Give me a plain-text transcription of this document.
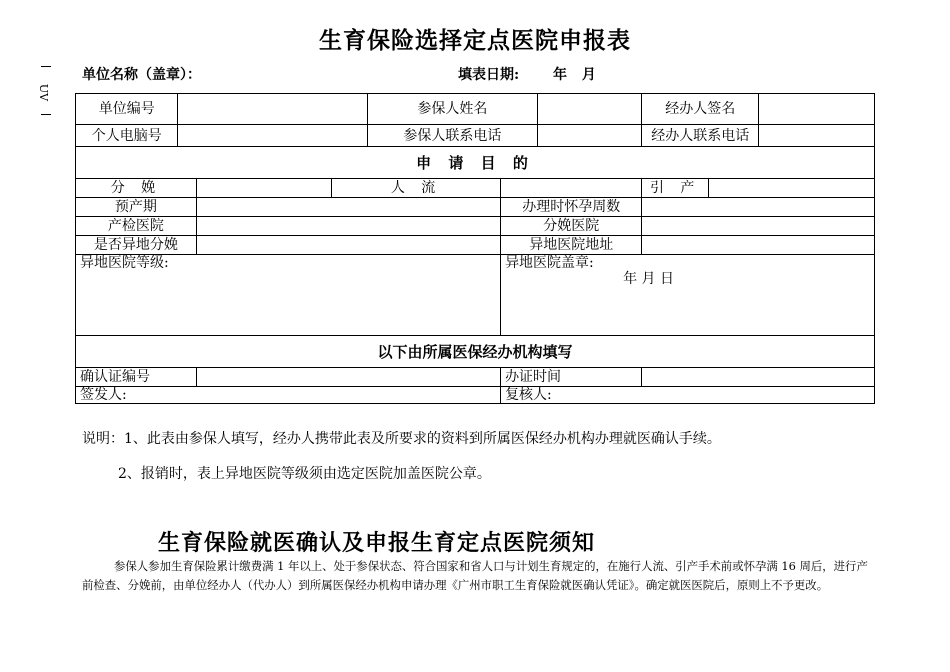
生育保险选择定点医院申报表
UV
单位名称（盖章）：	填表日期: 年 月
单位编号				参保人姓名			经办人签名		
个人电脑号				参保人联系电话			经办人联系电话		
申 请 目 的									
分 娩			人 流				引 产		
预产期					办理时怀孕周数				
产检医院					分娩医院				
是否异地分娩					异地医院地址				
异地医院等级:					异地医院盖章:
年 月 日				

以下由所属医保经办机构填写									
确认证编号					办证时间				
签发人:					复核人:				
说明：1、此表由参保人填写，经办人携带此表及所要求的资料到所属医保经办机构办理就医确认手续。
2、报销时，表上异地医院等级须由选定医院加盖医院公章。
生育保险就医确认及申报生育定点医院须知
参保人参加生育保险累计缴费满 1 年以上、处于参保状态、符合国家和省人口与计划生育规定的，在施行人流、引产手术前或怀孕满 16 周后，进行产前检查、分娩前，由单位经办人（代办人）到所属医保经办机构申请办理《广州市职工生育保险就医确认凭证》。确定就医医院后，原则上不予更改。
